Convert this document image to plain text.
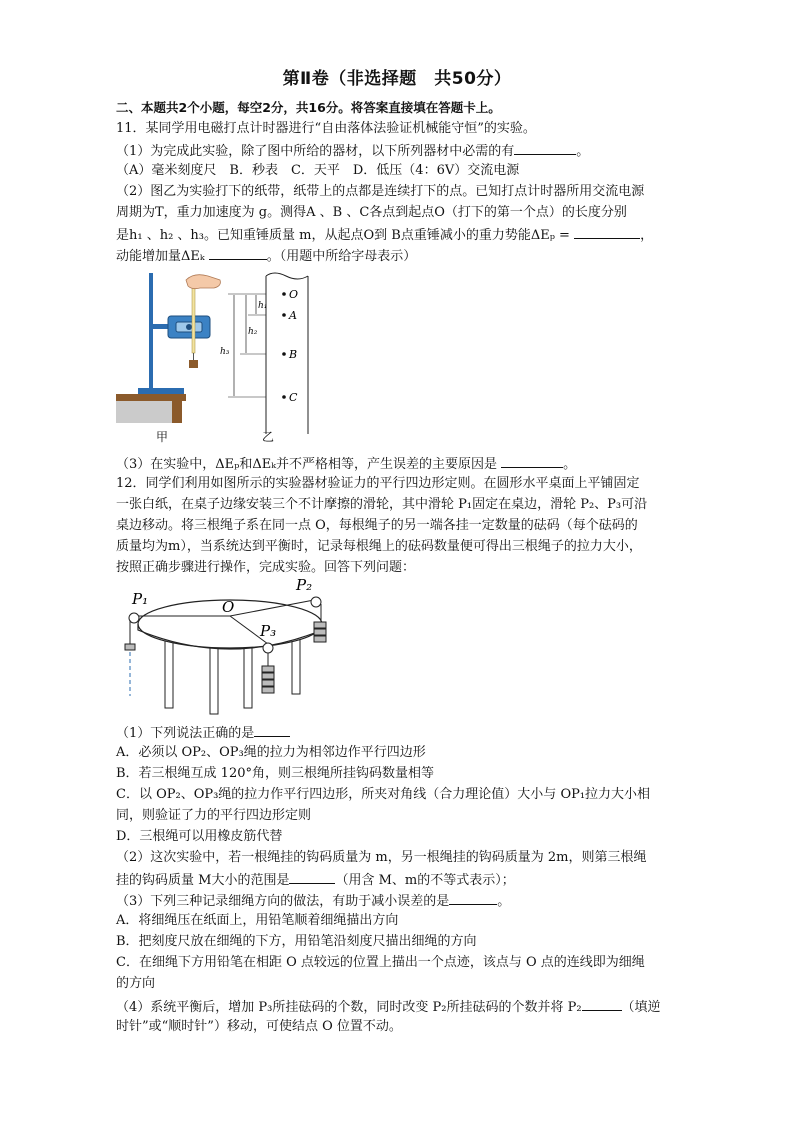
第Ⅱ卷（非选择题　共50分）
二、本题共2个小题，每空2分，共16分。将答案直接填在答题卡上。
11．某同学用电磁打点计时器进行“自由落体法验证机械能守恒”的实验。
（1）为完成此实验，除了图中所给的器材，以下所列器材中必需的有	。
（A）毫米刻度尺　B．秒表　C．天平　D．低压（4：6V）交流电源
（2）图乙为实验打下的纸带，纸带上的点都是连续打下的点。已知打点计时器所用交流电源
周期为T，重力加速度为 g。测得A 、B 、C各点到起点O（打下的第一个点）的长度分别
是h₁ 、h₂ 、h₃。已知重锤质量 m，从起点O到 B点重锤减小的重力势能ΔEₚ =	，
动能增加量ΔEₖ	。（用题中所给字母表示）
O
A
B
C
h₁
h₂
h₃
甲	乙
（3）在实验中，ΔEₚ和ΔEₖ并不严格相等，产生误差的主要原因是	。
12．同学们利用如图所示的实验器材验证力的平行四边形定则。在圆形水平桌面上平铺固定
一张白纸，在桌子边缘安装三个不计摩擦的滑轮，其中滑轮 P₁固定在桌边，滑轮 P₂、P₃可沿
桌边移动。将三根绳子系在同一点 O，每根绳子的另一端各挂一定数量的砝码（每个砝码的
质量均为m），当系统达到平衡时，记录每根绳上的砝码数量便可得出三根绳子的拉力大小，
按照正确步骤进行操作，完成实验。回答下列问题：
P₁
P₂
P₃
O
（1）下列说法正确的是
A．必须以 OP₂、OP₃绳的拉力为相邻边作平行四边形
B．若三根绳互成 120°角，则三根绳所挂钩码数量相等
C．以 OP₂、OP₃绳的拉力作平行四边形，所夹对角线（合力理论值）大小与 OP₁拉力大小相
同，则验证了力的平行四边形定则
D．三根绳可以用橡皮筋代替
（2）这次实验中，若一根绳挂的钩码质量为 m，另一根绳挂的钩码质量为 2m，则第三根绳
挂的钩码质量 M大小的范围是	（用含 M、m的不等式表示）；
（3）下列三种记录细绳方向的做法，有助于减小误差的是	。
A．将细绳压在纸面上，用铅笔顺着细绳描出方向
B．把刻度尺放在细绳的下方，用铅笔沿刻度尺描出细绳的方向
C．在细绳下方用铅笔在相距 O 点较远的位置上描出一个点迹，该点与 O 点的连线即为细绳
的方向
（4）系统平衡后，增加 P₃所挂砝码的个数，同时改变 P₂所挂砝码的个数并将 P₂	（填逆
时针”或“顺时针”）移动，可使结点 O 位置不动。
